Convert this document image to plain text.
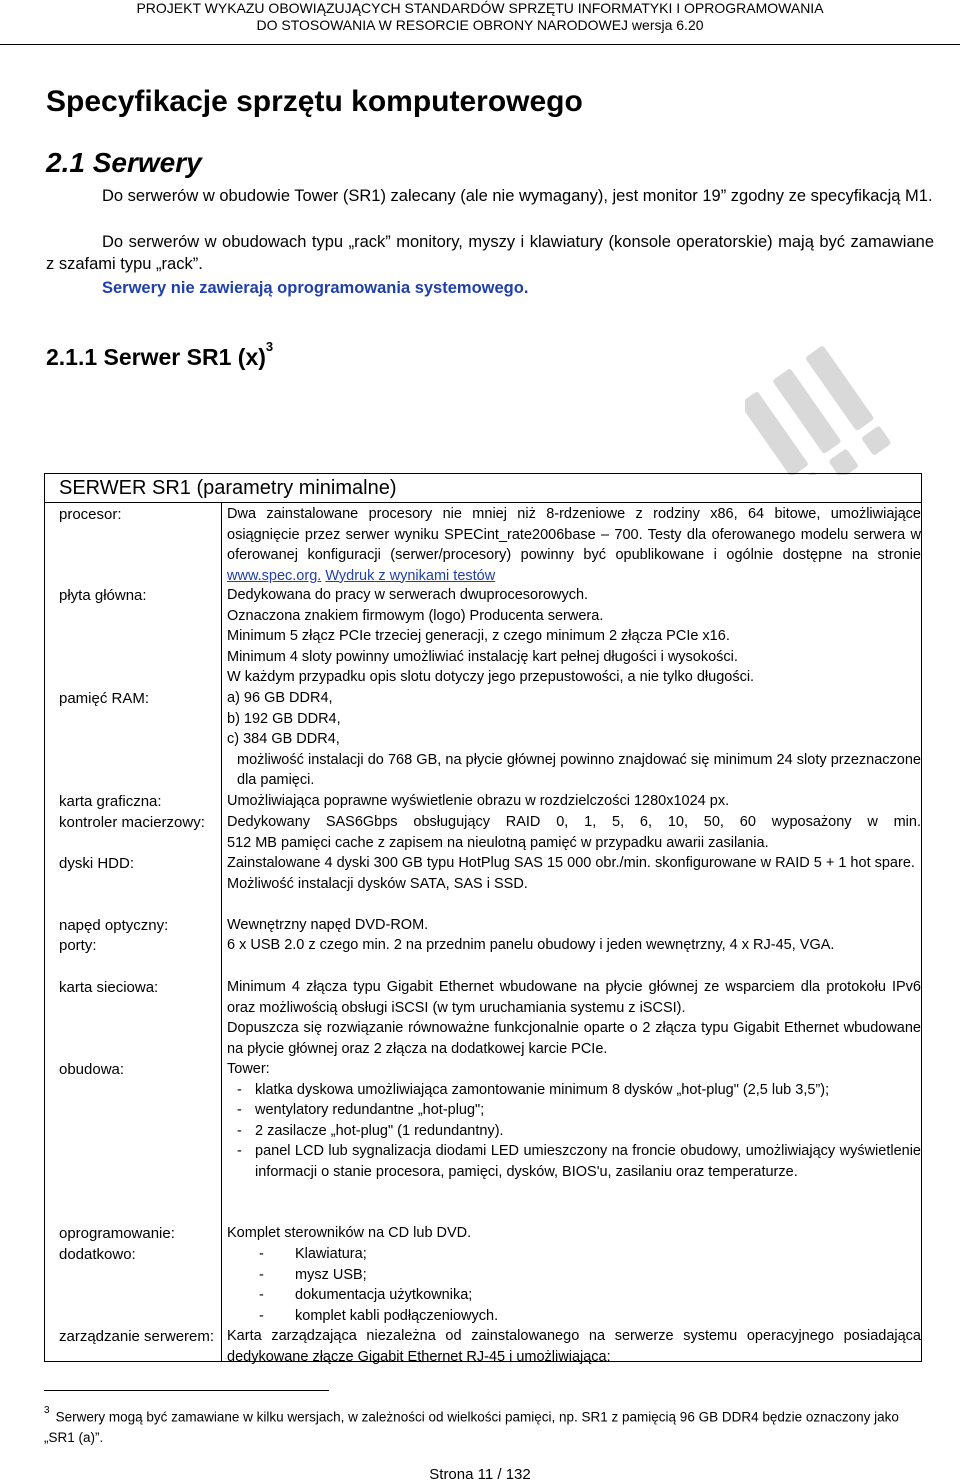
PROJEKT WYKAZU OBOWIĄZUJĄCYCH STANDARDÓW SPRZĘTU INFORMATYKI I OPROGRAMOWANIA
DO STOSOWANIA W RESORCIE OBRONY NARODOWEJ wersja 6.20
Specyfikacje sprzętu komputerowego
2.1 Serwery
Do serwerów w obudowie Tower (SR1) zalecany (ale nie wymagany), jest monitor 19” zgodny ze specyfikacją M1.
Do serwerów w obudowach typu „rack” monitory, myszy i klawiatury (konsole operatorskie) mają być zamawiane z szafami typu „rack”.
Serwery nie zawierają oprogramowania systemowego.
2.1.1 Serwer SR1 $(x)^3$
SERWER SR1 (parametry minimalne)
procesor:	Dwa zainstalowane procesory nie mniej niż 8-rdzeniowe z rodziny x86, 64 bitowe, umożliwiające osiągnięcie przez serwer wyniku SPECint_rate2006base – 700. Testy dla oferowanego modelu serwera w oferowanej konfiguracji (serwer/procesory) powinny być opublikowane i ogólnie dostępne na stronie www.spec.org. Wydruk z wynikami testów
płyta główna:	Dedykowana do pracy w serwerach dwuprocesorowych.
Oznaczona znakiem firmowym (logo) Producenta serwera.
Minimum 5 złącz PCIe trzeciej generacji, z czego minimum 2 złącza PCIe x16.
Minimum 4 sloty powinny umożliwiać instalację kart pełnej długości i wysokości.
W każdym przypadku opis slotu dotyczy jego przepustowości, a nie tylko długości.
pamięć RAM:	a) 96 GB DDR4,
b) 192 GB DDR4,
c) 384 GB DDR4,
możliwość instalacji do 768 GB, na płycie głównej powinno znajdować się minimum 24 sloty przeznaczone dla pamięci.
karta graficzna:	Umożliwiająca poprawne wyświetlenie obrazu w rozdzielczości 1280x1024 px.
kontroler macierzowy:	Dedykowany SAS6Gbps obsługujący RAID 0, 1, 5, 6, 10, 50, 60 wyposażony w min.
512 MB pamięci cache z zapisem na nieulotną pamięć w przypadku awarii zasilania.
dyski HDD:	Zainstalowane 4 dyski 300 GB typu HotPlug SAS 15 000 obr./min. skonfigurowane w RAID 5 + 1 hot spare.
Możliwość instalacji dysków SATA, SAS i SSD.
napęd optyczny:	Wewnętrzny napęd DVD-ROM.
porty:	6 x USB 2.0 z czego min. 2 na przednim panelu obudowy i jeden wewnętrzny, 4 x RJ-45, VGA.
karta sieciowa:	Minimum 4 złącza typu Gigabit Ethernet wbudowane na płycie głównej ze wsparciem dla protokołu IPv6 oraz możliwością obsługi iSCSI (w tym uruchamiania systemu z iSCSI).
Dopuszcza się rozwiązanie równoważne funkcjonalnie oparte o 2 złącza typu Gigabit Ethernet wbudowane na płycie głównej oraz 2 złącza na dodatkowej karcie PCIe.
obudowa:	Tower:
- klatka dyskowa umożliwiająca zamontowanie minimum 8 dysków „hot-plug" (2,5 lub 3,5”);
- wentylatory redundantne „hot-plug";
- 2 zasilacze „hot-plug" (1 redundantny).
- panel LCD lub sygnalizacja diodami LED umieszczony na froncie obudowy, umożliwiający wyświetlenie informacji o stanie procesora, pamięci, dysków, BIOS'u, zasilaniu oraz temperaturze.
oprogramowanie:	Komplet sterowników na CD lub DVD.
dodatkowo:	-	Klawiatura;
-	mysz USB;
-	dokumentacja użytkownika;
-	komplet kabli podłączeniowych.
zarządzanie serwerem: Karta zarządzająca niezależna od zainstalowanego na serwerze systemu operacyjnego posiadająca dedykowane złącze Gigabit Ethernet RJ-45 i umożliwiająca:
$^3$ Serwery mogą być zamawiane w kilku wersjach, w zależności od wielkości pamięci, np. SR1 z pamięcią 96 GB DDR4 będzie oznaczony jako „SR1 (a)”.
Strona 11 / 132
